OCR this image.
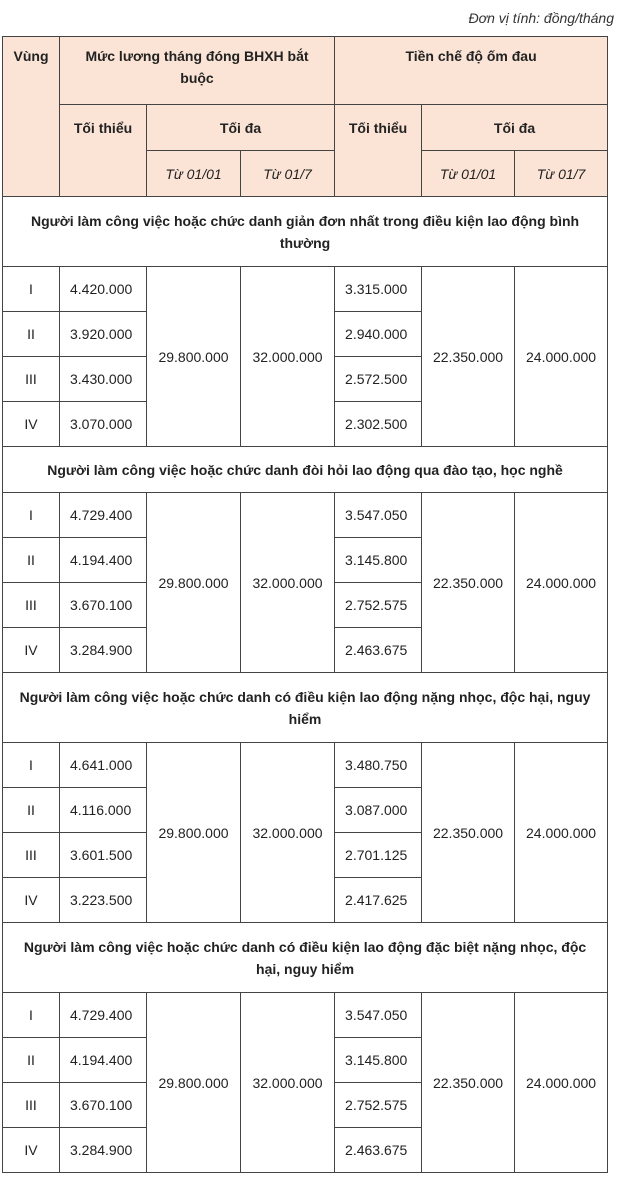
Đơn vị tính: đồng/tháng
Vùng	Mức lương tháng đóng BHXH bắt buộc			Tiền chế độ ốm đau		
	Tối thiểu	Tối đa		Tối thiểu	Tối đa	
		Từ 01/01	Từ 01/7		Từ 01/01	Từ 01/7
Người làm công việc hoặc chức danh giản đơn nhất trong điều kiện lao động bình thường						
I	4.420.000	29.800.000	32.000.000	3.315.000	22.350.000	24.000.000
II	3.920.000			2.940.000		
III	3.430.000			2.572.500		
IV	3.070.000			2.302.500		
Người làm công việc hoặc chức danh đòi hỏi lao động qua đào tạo, học nghề						
I	4.729.400	29.800.000	32.000.000	3.547.050	22.350.000	24.000.000
II	4.194.400			3.145.800		
III	3.670.100			2.752.575		
IV	3.284.900			2.463.675		
Người làm công việc hoặc chức danh có điều kiện lao động nặng nhọc, độc hại, nguy hiểm						
I	4.641.000	29.800.000	32.000.000	3.480.750	22.350.000	24.000.000
II	4.116.000			3.087.000		
III	3.601.500			2.701.125		
IV	3.223.500			2.417.625		
Người làm công việc hoặc chức danh có điều kiện lao động đặc biệt nặng nhọc, độc hại, nguy hiểm						
I	4.729.400	29.800.000	32.000.000	3.547.050	22.350.000	24.000.000
II	4.194.400			3.145.800		
III	3.670.100			2.752.575		
IV	3.284.900			2.463.675		
